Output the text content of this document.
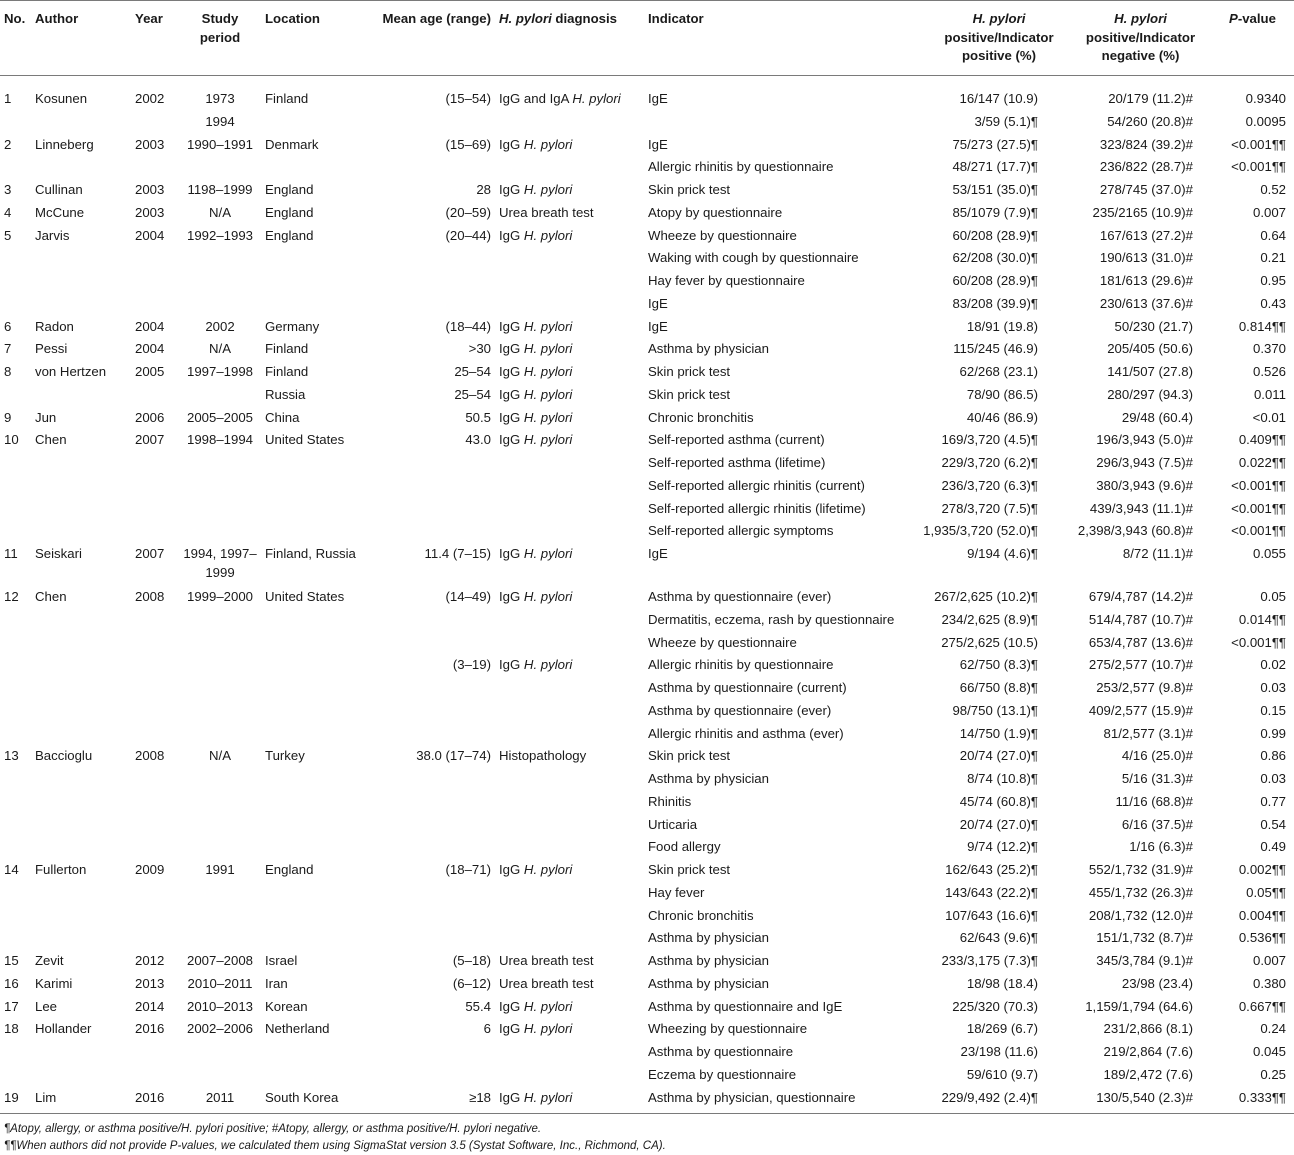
No.	Author	Year	Study period	Location	Mean age (range)	H. pylori diagnosis	Indicator	H. pylori positive/Indicator positive (%)	H. pylori positive/Indicator negative (%)	P-value
1	Kosunen	2002	1973	Finland	(15–54)	IgG and IgA H. pylori	IgE	16/147 (10.9)	20/179 (11.2)#	0.9340
			1994					3/59 (5.1)¶	54/260 (20.8)#	0.0095
2	Linneberg	2003	1990–1991	Denmark	(15–69)	IgG H. pylori	IgE	75/273 (27.5)¶	323/824 (39.2)#	<0.001¶¶
							Allergic rhinitis by questionnaire	48/271 (17.7)¶	236/822 (28.7)#	<0.001¶¶
3	Cullinan	2003	1198–1999	England	28	IgG H. pylori	Skin prick test	53/151 (35.0)¶	278/745 (37.0)#	0.52
4	McCune	2003	N/A	England	(20–59)	Urea breath test	Atopy by questionnaire	85/1079 (7.9)¶	235/2165 (10.9)#	0.007
5	Jarvis	2004	1992–1993	England	(20–44)	IgG H. pylori	Wheeze by questionnaire	60/208 (28.9)¶	167/613 (27.2)#	0.64
							Waking with cough by questionnaire	62/208 (30.0)¶	190/613 (31.0)#	0.21
							Hay fever by questionnaire	60/208 (28.9)¶	181/613 (29.6)#	0.95
							IgE	83/208 (39.9)¶	230/613 (37.6)#	0.43
6	Radon	2004	2002	Germany	(18–44)	IgG H. pylori	IgE	18/91 (19.8)	50/230 (21.7)	0.814¶¶
7	Pessi	2004	N/A	Finland	>30	IgG H. pylori	Asthma by physician	115/245 (46.9)	205/405 (50.6)	0.370
8	von Hertzen	2005	1997–1998	Finland	25–54	IgG H. pylori	Skin prick test	62/268 (23.1)	141/507 (27.8)	0.526
				Russia	25–54	IgG H. pylori	Skin prick test	78/90 (86.5)	280/297 (94.3)	0.011
9	Jun	2006	2005–2005	China	50.5	IgG H. pylori	Chronic bronchitis	40/46 (86.9)	29/48 (60.4)	<0.01
10	Chen	2007	1998–1994	United States	43.0	IgG H. pylori	Self-reported asthma (current)	169/3,720 (4.5)¶	196/3,943 (5.0)#	0.409¶¶
							Self-reported asthma (lifetime)	229/3,720 (6.2)¶	296/3,943 (7.5)#	0.022¶¶
							Self-reported allergic rhinitis (current)	236/3,720 (6.3)¶	380/3,943 (9.6)#	<0.001¶¶
							Self-reported allergic rhinitis (lifetime)	278/3,720 (7.5)¶	439/3,943 (11.1)#	<0.001¶¶
							Self-reported allergic symptoms	1,935/3,720 (52.0)¶	2,398/3,943 (60.8)#	<0.001¶¶
11	Seiskari	2007	1994, 1997–1999	Finland, Russia	11.4 (7–15)	IgG H. pylori	IgE	9/194 (4.6)¶	8/72 (11.1)#	0.055
12	Chen	2008	1999–2000	United States	(14–49)	IgG H. pylori	Asthma by questionnaire (ever)	267/2,625 (10.2)¶	679/4,787 (14.2)#	0.05
							Dermatitis, eczema, rash by questionnaire	234/2,625 (8.9)¶	514/4,787 (10.7)#	0.014¶¶
							Wheeze by questionnaire	275/2,625 (10.5)	653/4,787 (13.6)#	<0.001¶¶
					(3–19)	IgG H. pylori	Allergic rhinitis by questionnaire	62/750 (8.3)¶	275/2,577 (10.7)#	0.02
							Asthma by questionnaire (current)	66/750 (8.8)¶	253/2,577 (9.8)#	0.03
							Asthma by questionnaire (ever)	98/750 (13.1)¶	409/2,577 (15.9)#	0.15
							Allergic rhinitis and asthma (ever)	14/750 (1.9)¶	81/2,577 (3.1)#	0.99
13	Baccioglu	2008	N/A	Turkey	38.0 (17–74)	Histopathology	Skin prick test	20/74 (27.0)¶	4/16 (25.0)#	0.86
							Asthma by physician	8/74 (10.8)¶	5/16 (31.3)#	0.03
							Rhinitis	45/74 (60.8)¶	11/16 (68.8)#	0.77
							Urticaria	20/74 (27.0)¶	6/16 (37.5)#	0.54
							Food allergy	9/74 (12.2)¶	1/16 (6.3)#	0.49
14	Fullerton	2009	1991	England	(18–71)	IgG H. pylori	Skin prick test	162/643 (25.2)¶	552/1,732 (31.9)#	0.002¶¶
							Hay fever	143/643 (22.2)¶	455/1,732 (26.3)#	0.05¶¶
							Chronic bronchitis	107/643 (16.6)¶	208/1,732 (12.0)#	0.004¶¶
							Asthma by physician	62/643 (9.6)¶	151/1,732 (8.7)#	0.536¶¶
15	Zevit	2012	2007–2008	Israel	(5–18)	Urea breath test	Asthma by physician	233/3,175 (7.3)¶	345/3,784 (9.1)#	0.007
16	Karimi	2013	2010–2011	Iran	(6–12)	Urea breath test	Asthma by physician	18/98 (18.4)	23/98 (23.4)	0.380
17	Lee	2014	2010–2013	Korean	55.4	IgG H. pylori	Asthma by questionnaire and IgE	225/320 (70.3)	1,159/1,794 (64.6)	0.667¶¶
18	Hollander	2016	2002–2006	Netherland	6	IgG H. pylori	Wheezing by questionnaire	18/269 (6.7)	231/2,866 (8.1)	0.24
							Asthma by questionnaire	23/198 (11.6)	219/2,864 (7.6)	0.045
							Eczema by questionnaire	59/610 (9.7)	189/2,472 (7.6)	0.25
19	Lim	2016	2011	South Korea	≥18	IgG H. pylori	Asthma by physician, questionnaire	229/9,492 (2.4)¶	130/5,540 (2.3)#	0.333¶¶
¶Atopy, allergy, or asthma positive/H. pylori positive; #Atopy, allergy, or asthma positive/H. pylori negative.
¶¶When authors did not provide P-values, we calculated them using SigmaStat version 3.5 (Systat Software, Inc., Richmond, CA).
